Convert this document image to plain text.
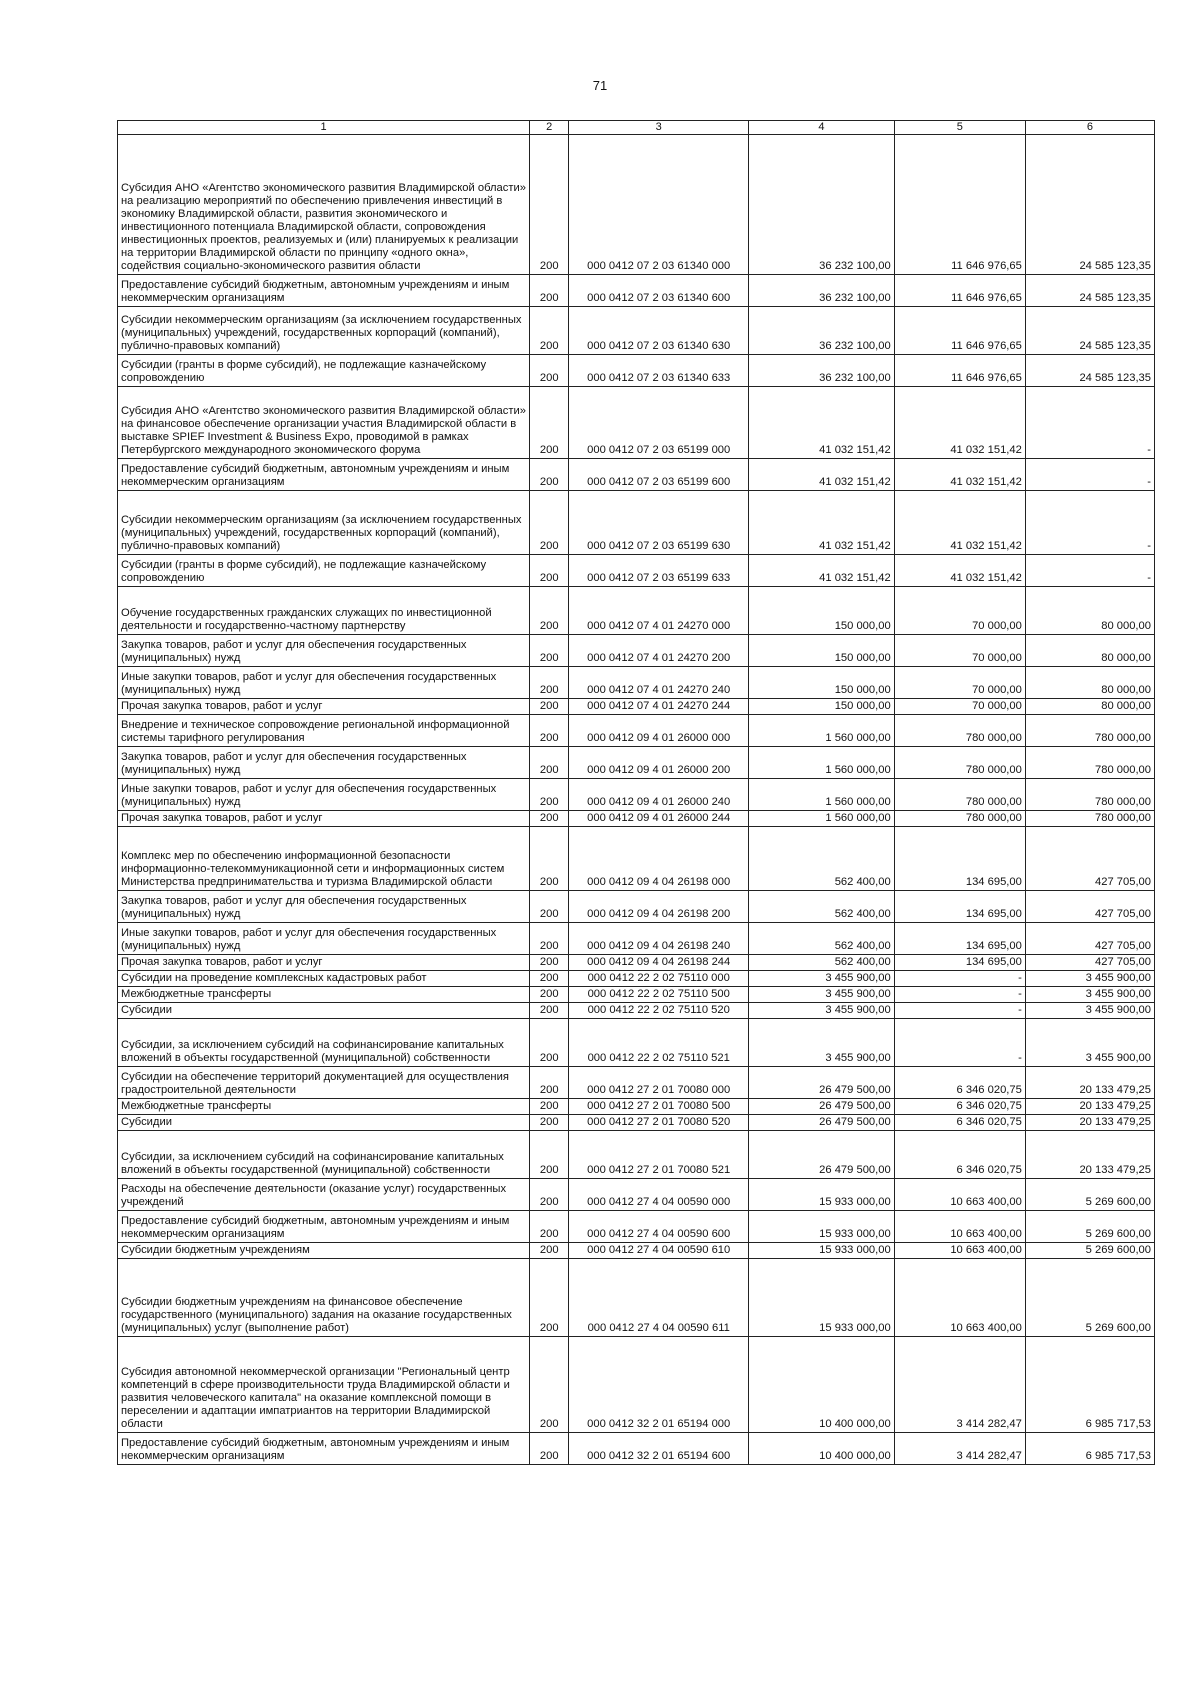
71
1	2	3	4	5	6

Субсидия АНО «Агентство экономического развития Владимирской области» на реализацию мероприятий по обеспечению привлечения инвестиций в экономику Владимирской области, развития экономического и инвестиционного потенциала Владимирской области, сопровождения инвестиционных проектов, реализуемых и (или) планируемых к реализации на территории Владимирской области по принципу «одного окна», содействия социально-экономического развития области	200	000 0412 07 2 03 61340 000	36 232 100,00	11 646 976,65	24 585 123,35

Предоставление субсидий бюджетным, автономным учреждениям и иным некоммерческим организациям	200	000 0412 07 2 03 61340 600	36 232 100,00	11 646 976,65	24 585 123,35

Субсидии некоммерческим организациям (за исключением государственных (муниципальных) учреждений, государственных корпораций (компаний), публично-правовых компаний)	200	000 0412 07 2 03 61340 630	36 232 100,00	11 646 976,65	24 585 123,35

Субсидии (гранты в форме субсидий), не подлежащие казначейскому сопровождению	200	000 0412 07 2 03 61340 633	36 232 100,00	11 646 976,65	24 585 123,35

Субсидия АНО «Агентство экономического развития Владимирской области» на финансовое обеспечение организации участия Владимирской области в выставке SPIEF Investment & Business Expo, проводимой в рамках Петербургского международного экономического форума	200	000 0412 07 2 03 65199 000	41 032 151,42	41 032 151,42	-

Предоставление субсидий бюджетным, автономным учреждениям и иным некоммерческим организациям	200	000 0412 07 2 03 65199 600	41 032 151,42	41 032 151,42	-

Субсидии некоммерческим организациям (за исключением государственных (муниципальных) учреждений, государственных корпораций (компаний), публично-правовых компаний)	200	000 0412 07 2 03 65199 630	41 032 151,42	41 032 151,42	-

Субсидии (гранты в форме субсидий), не подлежащие казначейскому сопровождению	200	000 0412 07 2 03 65199 633	41 032 151,42	41 032 151,42	-

Обучение государственных гражданских служащих по инвестиционной деятельности и государственно-частному партнерству	200	000 0412 07 4 01 24270 000	150 000,00	70 000,00	80 000,00

Закупка товаров, работ и услуг для обеспечения государственных (муниципальных) нужд	200	000 0412 07 4 01 24270 200	150 000,00	70 000,00	80 000,00

Иные закупки товаров, работ и услуг для обеспечения государственных (муниципальных) нужд	200	000 0412 07 4 01 24270 240	150 000,00	70 000,00	80 000,00

Прочая закупка товаров, работ и услуг	200	000 0412 07 4 01 24270 244	150 000,00	70 000,00	80 000,00

Внедрение и техническое сопровождение региональной информационной системы тарифного регулирования	200	000 0412 09 4 01 26000 000	1 560 000,00	780 000,00	780 000,00

Закупка товаров, работ и услуг для обеспечения государственных (муниципальных) нужд	200	000 0412 09 4 01 26000 200	1 560 000,00	780 000,00	780 000,00

Иные закупки товаров, работ и услуг для обеспечения государственных (муниципальных) нужд	200	000 0412 09 4 01 26000 240	1 560 000,00	780 000,00	780 000,00

Прочая закупка товаров, работ и услуг	200	000 0412 09 4 01 26000 244	1 560 000,00	780 000,00	780 000,00

Комплекс мер по обеспечению информационной безопасности информационно-телекоммуникационной сети и информационных систем Министерства предпринимательства и туризма Владимирской области	200	000 0412 09 4 04 26198 000	562 400,00	134 695,00	427 705,00

Закупка товаров, работ и услуг для обеспечения государственных (муниципальных) нужд	200	000 0412 09 4 04 26198 200	562 400,00	134 695,00	427 705,00

Иные закупки товаров, работ и услуг для обеспечения государственных (муниципальных) нужд	200	000 0412 09 4 04 26198 240	562 400,00	134 695,00	427 705,00

Прочая закупка товаров, работ и услуг	200	000 0412 09 4 04 26198 244	562 400,00	134 695,00	427 705,00

Субсидии на проведение комплексных кадастровых работ	200	000 0412 22 2 02 75110 000	3 455 900,00	-	3 455 900,00

Межбюджетные трансферты	200	000 0412 22 2 02 75110 500	3 455 900,00	-	3 455 900,00

Субсидии	200	000 0412 22 2 02 75110 520	3 455 900,00	-	3 455 900,00

Субсидии, за исключением субсидий на софинансирование капитальных вложений в объекты государственной (муниципальной) собственности	200	000 0412 22 2 02 75110 521	3 455 900,00	-	3 455 900,00

Субсидии на обеспечение территорий документацией для осуществления градостроительной деятельности	200	000 0412 27 2 01 70080 000	26 479 500,00	6 346 020,75	20 133 479,25

Межбюджетные трансферты	200	000 0412 27 2 01 70080 500	26 479 500,00	6 346 020,75	20 133 479,25

Субсидии	200	000 0412 27 2 01 70080 520	26 479 500,00	6 346 020,75	20 133 479,25

Субсидии, за исключением субсидий на софинансирование капитальных вложений в объекты государственной (муниципальной) собственности	200	000 0412 27 2 01 70080 521	26 479 500,00	6 346 020,75	20 133 479,25

Расходы на обеспечение деятельности (оказание услуг) государственных учреждений	200	000 0412 27 4 04 00590 000	15 933 000,00	10 663 400,00	5 269 600,00

Предоставление субсидий бюджетным, автономным учреждениям и иным некоммерческим организациям	200	000 0412 27 4 04 00590 600	15 933 000,00	10 663 400,00	5 269 600,00

Субсидии бюджетным учреждениям	200	000 0412 27 4 04 00590 610	15 933 000,00	10 663 400,00	5 269 600,00

Субсидии бюджетным учреждениям на финансовое обеспечение государственного (муниципального) задания на оказание государственных (муниципальных) услуг (выполнение работ)	200	000 0412 27 4 04 00590 611	15 933 000,00	10 663 400,00	5 269 600,00

Субсидия автономной некоммерческой организации "Региональный центр компетенций в сфере производительности труда Владимирской области и развития человеческого капитала" на оказание комплексной помощи в переселении и адаптации импатриантов на территории Владимирской области	200	000 0412 32 2 01 65194 000	10 400 000,00	3 414 282,47	6 985 717,53

Предоставление субсидий бюджетным, автономным учреждениям и иным некоммерческим организациям	200	000 0412 32 2 01 65194 600	10 400 000,00	3 414 282,47	6 985 717,53
